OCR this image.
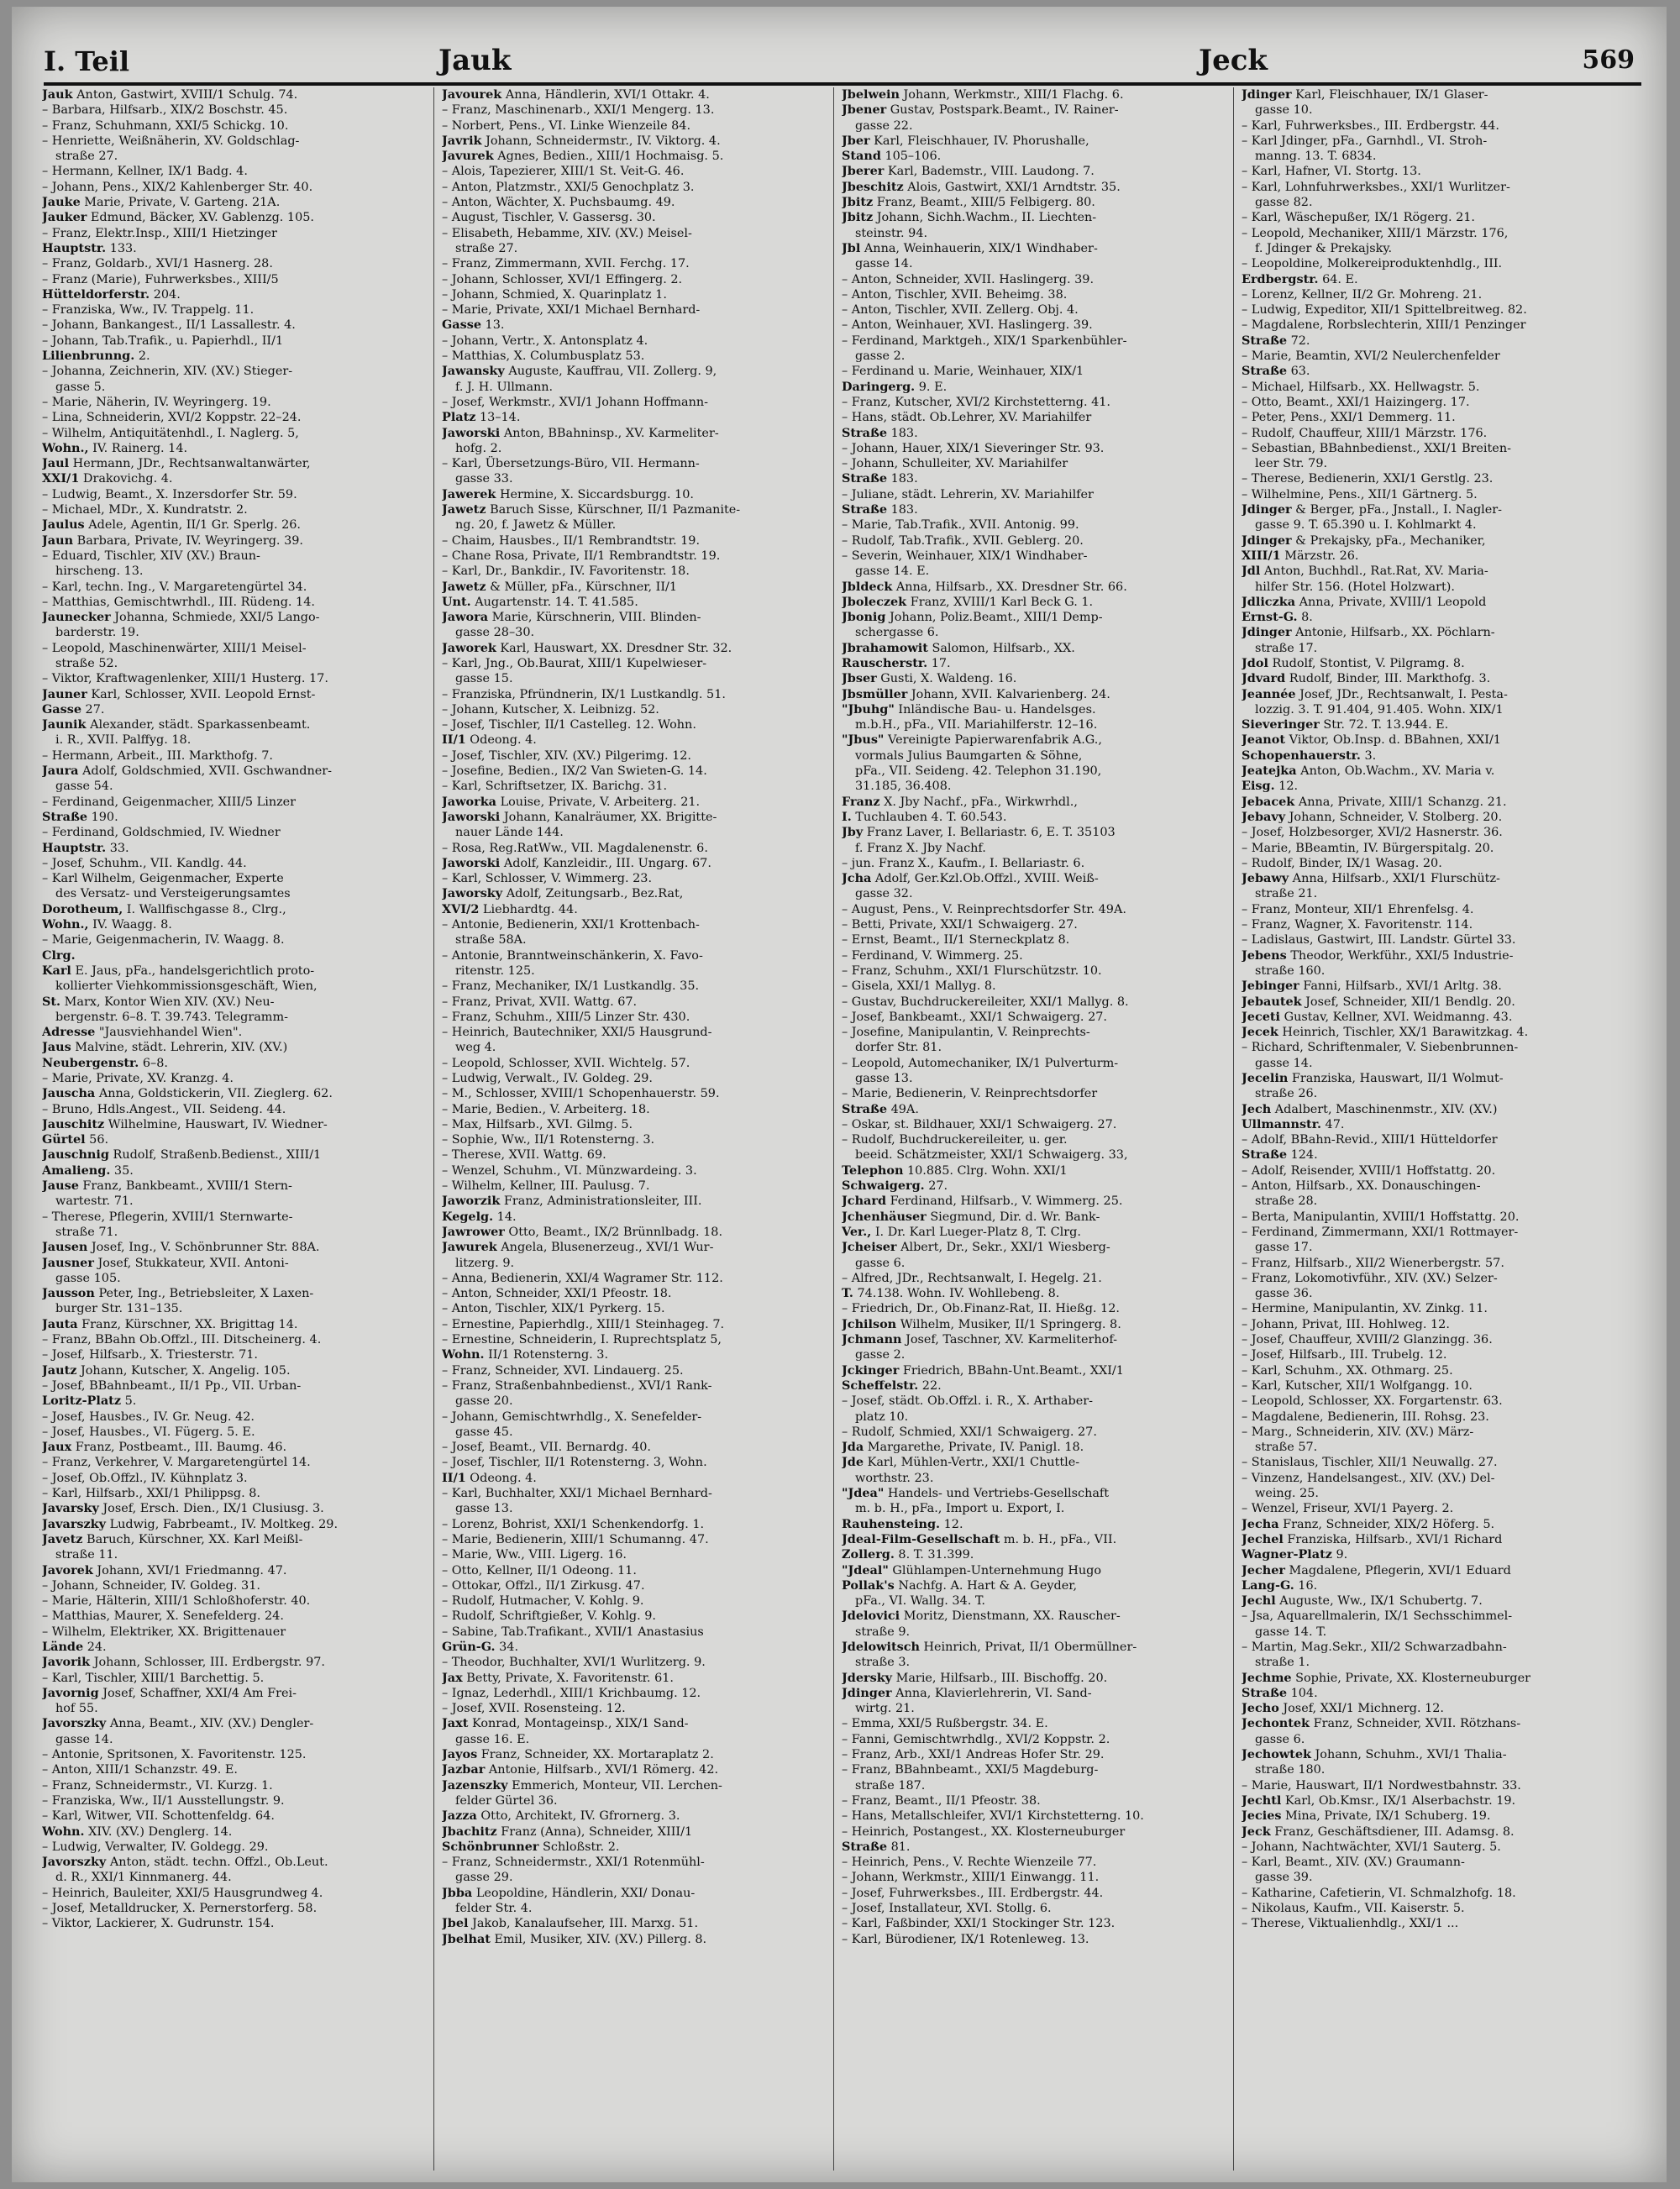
I. Teil	Jauk	Jeck	569
Jauk Anton, Gastwirt, XVIII/1 Schulg. 74.
– Barbara, Hilfsarb., XIX/2 Boschstr. 45.
– Franz, Schuhmann, XXI/5 Schickg. 10.
– Henriette, Weißnäherin, XV. Goldschlag-
straße 27.
– Hermann, Kellner, IX/1 Badg. 4.
– Johann, Pens., XIX/2 Kahlenberger Str. 40.
Jauke Marie, Private, V. Garteng. 21A.
Jauker Edmund, Bäcker, XV. Gablenzg. 105.
– Franz, Elektr.Insp., XIII/1 Hietzinger
Hauptstr. 133.
– Franz, Goldarb., XVI/1 Hasnerg. 28.
– Franz (Marie), Fuhrwerksbes., XIII/5
Hütteldorferstr. 204.
– Franziska, Ww., IV. Trappelg. 11.
– Johann, Bankangest., II/1 Lassallestr. 4.
– Johann, Tab.Trafik., u. Papierhdl., II/1
Lilienbrunng. 2.
– Johanna, Zeichnerin, XIV. (XV.) Stieger-
gasse 5.
– Marie, Näherin, IV. Weyringerg. 19.
– Lina, Schneiderin, XVI/2 Koppstr. 22–24.
– Wilhelm, Antiquitätenhdl., I. Naglerg. 5,
Wohn., IV. Rainerg. 14.
Jaul Hermann, JDr., Rechtsanwaltanwärter,
XXI/1 Drakovichg. 4.
– Ludwig, Beamt., X. Inzersdorfer Str. 59.
– Michael, MDr., X. Kundratstr. 2.
Jaulus Adele, Agentin, II/1 Gr. Sperlg. 26.
Jaun Barbara, Private, IV. Weyringerg. 39.
– Eduard, Tischler, XIV (XV.) Braun-
hirscheng. 13.
– Karl, techn. Ing., V. Margaretengürtel 34.
– Matthias, Gemischtwrhdl., III. Rüdeng. 14.
Jaunecker Johanna, Schmiede, XXI/5 Lango-
barderstr. 19.
– Leopold, Maschinenwärter, XIII/1 Meisel-
straße 52.
– Viktor, Kraftwagenlenker, XIII/1 Husterg. 17.
Jauner Karl, Schlosser, XVII. Leopold Ernst-
Gasse 27.
Jaunik Alexander, städt. Sparkassenbeamt.
i. R., XVII. Palffyg. 18.
– Hermann, Arbeit., III. Markthofg. 7.
Jaura Adolf, Goldschmied, XVII. Gschwandner-
gasse 54.
– Ferdinand, Geigenmacher, XIII/5 Linzer
Straße 190.
– Ferdinand, Goldschmied, IV. Wiedner
Hauptstr. 33.
– Josef, Schuhm., VII. Kandlg. 44.
– Karl Wilhelm, Geigenmacher, Experte
des Versatz- und Versteigerungsamtes
Dorotheum, I. Wallfischgasse 8., Clrg.,
Wohn., IV. Waagg. 8.
– Marie, Geigenmacherin, IV. Waagg. 8.
Clrg.
Karl E. Jaus, pFa., handelsgerichtlich proto-
kollierter Viehkommissionsgeschäft, Wien,
St. Marx, Kontor Wien XIV. (XV.) Neu-
bergenstr. 6–8. T. 39.743. Telegramm-
Adresse "Jausviehhandel Wien".
Jaus Malvine, städt. Lehrerin, XIV. (XV.)
Neubergenstr. 6–8.
– Marie, Private, XV. Kranzg. 4.
Jauscha Anna, Goldstickerin, VII. Zieglerg. 62.
– Bruno, Hdls.Angest., VII. Seideng. 44.
Jauschitz Wilhelmine, Hauswart, IV. Wiedner-
Gürtel 56.
Jauschnig Rudolf, Straßenb.Bedienst., XIII/1
Amalieng. 35.
Jause Franz, Bankbeamt., XVIII/1 Stern-
wartestr. 71.
– Therese, Pflegerin, XVIII/1 Sternwarte-
straße 71.
Jausen Josef, Ing., V. Schönbrunner Str. 88A.
Jausner Josef, Stukkateur, XVII. Antoni-
gasse 105.
Jausson Peter, Ing., Betriebsleiter, X Laxen-
burger Str. 131–135.
Jauta Franz, Kürschner, XX. Brigittag 14.
– Franz, BBahn Ob.Offzl., III. Ditscheinerg. 4.
– Josef, Hilfsarb., X. Triesterstr. 71.
Jautz Johann, Kutscher, X. Angelig. 105.
– Josef, BBahnbeamt., II/1 Pp., VII. Urban-
Loritz-Platz 5.
– Josef, Hausbes., IV. Gr. Neug. 42.
– Josef, Hausbes., VI. Fügerg. 5. E.
Jaux Franz, Postbeamt., III. Baumg. 46.
– Franz, Verkehrer, V. Margaretengürtel 14.
– Josef, Ob.Offzl., IV. Kühnplatz 3.
– Karl, Hilfsarb., XXI/1 Philippsg. 8.
Javarsky Josef, Ersch. Dien., IX/1 Clusiusg. 3.
Javarszky Ludwig, Fabrbeamt., IV. Moltkeg. 29.
Javetz Baruch, Kürschner, XX. Karl Meißl-
straße 11.
Javorek Johann, XVI/1 Friedmanng. 47.
– Johann, Schneider, IV. Goldeg. 31.
– Marie, Hälterin, XIII/1 Schloßhoferstr. 40.
– Matthias, Maurer, X. Senefelderg. 24.
– Wilhelm, Elektriker, XX. Brigittenauer
Lände 24.
Javorik Johann, Schlosser, III. Erdbergstr. 97.
– Karl, Tischler, XIII/1 Barchettig. 5.
Javornig Josef, Schaffner, XXI/4 Am Frei-
hof 55.
Javorszky Anna, Beamt., XIV. (XV.) Dengler-
gasse 14.
– Antonie, Spritsonen, X. Favoritenstr. 125.
– Anton, XIII/1 Schanzstr. 49. E.
– Franz, Schneidermstr., VI. Kurzg. 1.
– Franziska, Ww., II/1 Ausstellungstr. 9.
– Karl, Witwer, VII. Schottenfeldg. 64.
Wohn. XIV. (XV.) Denglerg. 14.
– Ludwig, Verwalter, IV. Goldegg. 29.
Javorszky Anton, städt. techn. Offzl., Ob.Leut.
d. R., XXI/1 Kinnmanerg. 44.
– Heinrich, Bauleiter, XXI/5 Hausgrundweg 4.
– Josef, Metalldrucker, X. Pernerstorferg. 58.
– Viktor, Lackierer, X. Gudrunstr. 154.
Javourek Anna, Händlerin, XVI/1 Ottakr. 4.
– Franz, Maschinenarb., XXI/1 Mengerg. 13.
– Norbert, Pens., VI. Linke Wienzeile 84.
Javrik Johann, Schneidermstr., IV. Viktorg. 4.
Javurek Agnes, Bedien., XIII/1 Hochmaisg. 5.
– Alois, Tapezierer, XIII/1 St. Veit-G. 46.
– Anton, Platzmstr., XXI/5 Genochplatz 3.
– Anton, Wächter, X. Puchsbaumg. 49.
– August, Tischler, V. Gassersg. 30.
– Elisabeth, Hebamme, XIV. (XV.) Meisel-
straße 27.
– Franz, Zimmermann, XVII. Ferchg. 17.
– Johann, Schlosser, XVI/1 Effingerg. 2.
– Johann, Schmied, X. Quarinplatz 1.
– Marie, Private, XXI/1 Michael Bernhard-
Gasse 13.
– Johann, Vertr., X. Antonsplatz 4.
– Matthias, X. Columbusplatz 53.
Jawansky Auguste, Kauffrau, VII. Zollerg. 9,
f. J. H. Ullmann.
– Josef, Werkmstr., XVI/1 Johann Hoffmann-
Platz 13–14.
Jaworski Anton, BBahninsp., XV. Karmeliter-
hofg. 2.
– Karl, Übersetzungs-Büro, VII. Hermann-
gasse 33.
Jawerek Hermine, X. Siccardsburgg. 10.
Jawetz Baruch Sisse, Kürschner, II/1 Pazmanite-
ng. 20, f. Jawetz & Müller.
– Chaim, Hausbes., II/1 Rembrandtstr. 19.
– Chane Rosa, Private, II/1 Rembrandtstr. 19.
– Karl, Dr., Bankdir., IV. Favoritenstr. 18.
Jawetz & Müller, pFa., Kürschner, II/1
Unt. Augartenstr. 14. T. 41.585.
Jawora Marie, Kürschnerin, VIII. Blinden-
gasse 28–30.
Jaworek Karl, Hauswart, XX. Dresdner Str. 32.
– Karl, Jng., Ob.Baurat, XIII/1 Kupelwieser-
gasse 15.
– Franziska, Pfründnerin, IX/1 Lustkandlg. 51.
– Johann, Kutscher, X. Leibnizg. 52.
– Josef, Tischler, II/1 Castelleg. 12. Wohn.
II/1 Odeong. 4.
– Josef, Tischler, XIV. (XV.) Pilgerimg. 12.
– Josefine, Bedien., IX/2 Van Swieten-G. 14.
– Karl, Schriftsetzer, IX. Barichg. 31.
Jaworka Louise, Private, V. Arbeiterg. 21.
Jaworski Johann, Kanalräumer, XX. Brigitte-
nauer Lände 144.
– Rosa, Reg.RatWw., VII. Magdalenenstr. 6.
Jaworski Adolf, Kanzleidir., III. Ungarg. 67.
– Karl, Schlosser, V. Wimmerg. 23.
Jaworsky Adolf, Zeitungsarb., Bez.Rat,
XVI/2 Liebhardtg. 44.
– Antonie, Bedienerin, XXI/1 Krottenbach-
straße 58A.
– Antonie, Branntweinschänkerin, X. Favo-
ritenstr. 125.
– Franz, Mechaniker, IX/1 Lustkandlg. 35.
– Franz, Privat, XVII. Wattg. 67.
– Franz, Schuhm., XIII/5 Linzer Str. 430.
– Heinrich, Bautechniker, XXI/5 Hausgrund-
weg 4.
– Leopold, Schlosser, XVII. Wichtelg. 57.
– Ludwig, Verwalt., IV. Goldeg. 29.
– M., Schlosser, XVIII/1 Schopenhauerstr. 59.
– Marie, Bedien., V. Arbeiterg. 18.
– Max, Hilfsarb., XVI. Gilmg. 5.
– Sophie, Ww., II/1 Rotensterng. 3.
– Therese, XVII. Wattg. 69.
– Wenzel, Schuhm., VI. Münzwardeing. 3.
– Wilhelm, Kellner, III. Paulusg. 7.
Jaworzik Franz, Administrationsleiter, III.
Kegelg. 14.
Jawrower Otto, Beamt., IX/2 Brünnlbadg. 18.
Jawurek Angela, Blusenerzeug., XVI/1 Wur-
litzerg. 9.
– Anna, Bedienerin, XXI/4 Wagramer Str. 112.
– Anton, Schneider, XXI/1 Pfeostr. 18.
– Anton, Tischler, XIX/1 Pyrkerg. 15.
– Ernestine, Papierhdlg., XIII/1 Steinhageg. 7.
– Ernestine, Schneiderin, I. Ruprechtsplatz 5,
Wohn. II/1 Rotensterng. 3.
– Franz, Schneider, XVI. Lindauerg. 25.
– Franz, Straßenbahnbedienst., XVI/1 Rank-
gasse 20.
– Johann, Gemischtwrhdlg., X. Senefelder-
gasse 45.
– Josef, Beamt., VII. Bernardg. 40.
– Josef, Tischler, II/1 Rotensterng. 3, Wohn.
II/1 Odeong. 4.
– Karl, Buchhalter, XXI/1 Michael Bernhard-
gasse 13.
– Lorenz, Bohrist, XXI/1 Schenkendorfg. 1.
– Marie, Bedienerin, XIII/1 Schumanng. 47.
– Marie, Ww., VIII. Ligerg. 16.
– Otto, Kellner, II/1 Odeong. 11.
– Ottokar, Offzl., II/1 Zirkusg. 47.
– Rudolf, Hutmacher, V. Kohlg. 9.
– Rudolf, Schriftgießer, V. Kohlg. 9.
– Sabine, Tab.Trafikant., XVII/1 Anastasius
Grün-G. 34.
– Theodor, Buchhalter, XVI/1 Wurlitzerg. 9.
Jax Betty, Private, X. Favoritenstr. 61.
– Ignaz, Lederhdl., XIII/1 Krichbaumg. 12.
– Josef, XVII. Rosensteing. 12.
Jaxt Konrad, Montageinsp., XIX/1 Sand-
gasse 16. E.
Jayos Franz, Schneider, XX. Mortaraplatz 2.
Jazbar Antonie, Hilfsarb., XVI/1 Römerg. 42.
Jazenszky Emmerich, Monteur, VII. Lerchen-
felder Gürtel 36.
Jazza Otto, Architekt, IV. Gfrornerg. 3.
Jbachitz Franz (Anna), Schneider, XIII/1
Schönbrunner Schloßstr. 2.
– Franz, Schneidermstr., XXI/1 Rotenmühl-
gasse 29.
Jbba Leopoldine, Händlerin, XXI/ Donau-
felder Str. 4.
Jbel Jakob, Kanalaufseher, III. Marxg. 51.
Jbelhat Emil, Musiker, XIV. (XV.) Pillerg. 8.
Jbelwein Johann, Werkmstr., XIII/1 Flachg. 6.
Jbener Gustav, Postspark.Beamt., IV. Rainer-
gasse 22.
Jber Karl, Fleischhauer, IV. Phorushalle,
Stand 105–106.
Jberer Karl, Bademstr., VIII. Laudong. 7.
Jbeschitz Alois, Gastwirt, XXI/1 Arndtstr. 35.
Jbitz Franz, Beamt., XIII/5 Felbigerg. 80.
Jbitz Johann, Sichh.Wachm., II. Liechten-
steinstr. 94.
Jbl Anna, Weinhauerin, XIX/1 Windhaber-
gasse 14.
– Anton, Schneider, XVII. Haslingerg. 39.
– Anton, Tischler, XVII. Beheimg. 38.
– Anton, Tischler, XVII. Zellerg. Obj. 4.
– Anton, Weinhauer, XVI. Haslingerg. 39.
– Ferdinand, Marktgeh., XIX/1 Sparkenbühler-
gasse 2.
– Ferdinand u. Marie, Weinhauer, XIX/1
Daringerg. 9. E.
– Franz, Kutscher, XVI/2 Kirchstetterng. 41.
– Hans, städt. Ob.Lehrer, XV. Mariahilfer
Straße 183.
– Johann, Hauer, XIX/1 Sieveringer Str. 93.
– Johann, Schulleiter, XV. Mariahilfer
Straße 183.
– Juliane, städt. Lehrerin, XV. Mariahilfer
Straße 183.
– Marie, Tab.Trafik., XVII. Antonig. 99.
– Rudolf, Tab.Trafik., XVII. Geblerg. 20.
– Severin, Weinhauer, XIX/1 Windhaber-
gasse 14. E.
Jbldeck Anna, Hilfsarb., XX. Dresdner Str. 66.
Jboleczek Franz, XVIII/1 Karl Beck G. 1.
Jbonig Johann, Poliz.Beamt., XIII/1 Demp-
schergasse 6.
Jbrahamowit Salomon, Hilfsarb., XX.
Rauscherstr. 17.
Jbser Gusti, X. Waldeng. 16.
Jbsmüller Johann, XVII. Kalvarienberg. 24.
"Jbuhg" Inländische Bau- u. Handelsges.
m.b.H., pFa., VII. Mariahilferstr. 12–16.
"Jbus" Vereinigte Papierwarenfabrik A.G.,
vormals Julius Baumgarten & Söhne,
pFa., VII. Seideng. 42. Telephon 31.190,
31.185, 36.408.
Franz X. Jby Nachf., pFa., Wirkwrhdl.,
I. Tuchlauben 4. T. 60.543.
Jby Franz Laver, I. Bellariastr. 6, E. T. 35103
f. Franz X. Jby Nachf.
– jun. Franz X., Kaufm., I. Bellariastr. 6.
Jcha Adolf, Ger.Kzl.Ob.Offzl., XVIII. Weiß-
gasse 32.
– August, Pens., V. Reinprechtsdorfer Str. 49A.
– Betti, Private, XXI/1 Schwaigerg. 27.
– Ernst, Beamt., II/1 Sterneckplatz 8.
– Ferdinand, V. Wimmerg. 25.
– Franz, Schuhm., XXI/1 Flurschützstr. 10.
– Gisela, XXI/1 Mallyg. 8.
– Gustav, Buchdruckereileiter, XXI/1 Mallyg. 8.
– Josef, Bankbeamt., XXI/1 Schwaigerg. 27.
– Josefine, Manipulantin, V. Reinprechts-
dorfer Str. 81.
– Leopold, Automechaniker, IX/1 Pulverturm-
gasse 13.
– Marie, Bedienerin, V. Reinprechtsdorfer
Straße 49A.
– Oskar, st. Bildhauer, XXI/1 Schwaigerg. 27.
– Rudolf, Buchdruckereileiter, u. ger.
beeid. Schätzmeister, XXI/1 Schwaigerg. 33,
Telephon 10.885. Clrg. Wohn. XXI/1
Schwaigerg. 27.
Jchard Ferdinand, Hilfsarb., V. Wimmerg. 25.
Jchenhäuser Siegmund, Dir. d. Wr. Bank-
Ver., I. Dr. Karl Lueger-Platz 8, T. Clrg.
Jcheiser Albert, Dr., Sekr., XXI/1 Wiesberg-
gasse 6.
– Alfred, JDr., Rechtsanwalt, I. Hegelg. 21.
T. 74.138. Wohn. IV. Wohllebeng. 8.
– Friedrich, Dr., Ob.Finanz-Rat, II. Hießg. 12.
Jchilson Wilhelm, Musiker, II/1 Springerg. 8.
Jchmann Josef, Taschner, XV. Karmeliterhof-
gasse 2.
Jckinger Friedrich, BBahn-Unt.Beamt., XXI/1
Scheffelstr. 22.
– Josef, städt. Ob.Offzl. i. R., X. Arthaber-
platz 10.
– Rudolf, Schmied, XXI/1 Schwaigerg. 27.
Jda Margarethe, Private, IV. Panigl. 18.
Jde Karl, Mühlen-Vertr., XXI/1 Chuttle-
worthstr. 23.
"Jdea" Handels- und Vertriebs-Gesellschaft
m. b. H., pFa., Import u. Export, I.
Rauhensteing. 12.
Jdeal-Film-Gesellschaft m. b. H., pFa., VII.
Zollerg. 8. T. 31.399.
"Jdeal" Glühlampen-Unternehmung Hugo
Pollak's Nachfg. A. Hart & A. Geyder,
pFa., VI. Wallg. 34. T.
Jdelovici Moritz, Dienstmann, XX. Rauscher-
straße 9.
Jdelowitsch Heinrich, Privat, II/1 Obermüllner-
straße 3.
Jdersky Marie, Hilfsarb., III. Bischoffg. 20.
Jdinger Anna, Klavierlehrerin, VI. Sand-
wirtg. 21.
– Emma, XXI/5 Rußbergstr. 34. E.
– Fanni, Gemischtwrhdlg., XVI/2 Koppstr. 2.
– Franz, Arb., XXI/1 Andreas Hofer Str. 29.
– Franz, BBahnbeamt., XXI/5 Magdeburg-
straße 187.
– Franz, Beamt., II/1 Pfeostr. 38.
– Hans, Metallschleifer, XVI/1 Kirchstetterng. 10.
– Heinrich, Postangest., XX. Klosterneuburger
Straße 81.
– Heinrich, Pens., V. Rechte Wienzeile 77.
– Johann, Werkmstr., XIII/1 Einwangg. 11.
– Josef, Fuhrwerksbes., III. Erdbergstr. 44.
– Josef, Installateur, XVI. Stollg. 6.
– Karl, Faßbinder, XXI/1 Stockinger Str. 123.
– Karl, Bürodiener, IX/1 Rotenleweg. 13.
Jdinger Karl, Fleischhauer, IX/1 Glaser-
gasse 10.
– Karl, Fuhrwerksbes., III. Erdbergstr. 44.
– Karl Jdinger, pFa., Garnhdl., VI. Stroh-
manng. 13. T. 6834.
– Karl, Hafner, VI. Stortg. 13.
– Karl, Lohnfuhrwerksbes., XXI/1 Wurlitzer-
gasse 82.
– Karl, Wäschepußer, IX/1 Rögerg. 21.
– Leopold, Mechaniker, XIII/1 Märzstr. 176,
f. Jdinger & Prekajsky.
– Leopoldine, Molkereiproduktenhdlg., III.
Erdbergstr. 64. E.
– Lorenz, Kellner, II/2 Gr. Mohreng. 21.
– Ludwig, Expeditor, XII/1 Spittelbreitweg. 82.
– Magdalene, Rorbslechterin, XIII/1 Penzinger
Straße 72.
– Marie, Beamtin, XVI/2 Neulerchenfelder
Straße 63.
– Michael, Hilfsarb., XX. Hellwagstr. 5.
– Otto, Beamt., XXI/1 Haizingerg. 17.
– Peter, Pens., XXI/1 Demmerg. 11.
– Rudolf, Chauffeur, XIII/1 Märzstr. 176.
– Sebastian, BBahnbedienst., XXI/1 Breiten-
leer Str. 79.
– Therese, Bedienerin, XXI/1 Gerstlg. 23.
– Wilhelmine, Pens., XII/1 Gärtnerg. 5.
Jdinger & Berger, pFa., Jnstall., I. Nagler-
gasse 9. T. 65.390 u. I. Kohlmarkt 4.
Jdinger & Prekajsky, pFa., Mechaniker,
XIII/1 Märzstr. 26.
Jdl Anton, Buchhdl., Rat.Rat, XV. Maria-
hilfer Str. 156. (Hotel Holzwart).
Jdliczka Anna, Private, XVIII/1 Leopold
Ernst-G. 8.
Jdinger Antonie, Hilfsarb., XX. Pöchlarn-
straße 17.
Jdol Rudolf, Stontist, V. Pilgramg. 8.
Jdvard Rudolf, Binder, III. Markthofg. 3.
Jeannée Josef, JDr., Rechtsanwalt, I. Pesta-
lozzig. 3. T. 91.404, 91.405. Wohn. XIX/1
Sieveringer Str. 72. T. 13.944. E.
Jeanot Viktor, Ob.Insp. d. BBahnen, XXI/1
Schopenhauerstr. 3.
Jeatejka Anton, Ob.Wachm., XV. Maria v.
Eisg. 12.
Jebacek Anna, Private, XIII/1 Schanzg. 21.
Jebavy Johann, Schneider, V. Stolberg. 20.
– Josef, Holzbesorger, XVI/2 Hasnerstr. 36.
– Marie, BBeamtin, IV. Bürgerspitalg. 20.
– Rudolf, Binder, IX/1 Wasag. 20.
Jebawy Anna, Hilfsarb., XXI/1 Flurschütz-
straße 21.
– Franz, Monteur, XII/1 Ehrenfelsg. 4.
– Franz, Wagner, X. Favoritenstr. 114.
– Ladislaus, Gastwirt, III. Landstr. Gürtel 33.
Jebens Theodor, Werkführ., XXI/5 Industrie-
straße 160.
Jebinger Fanni, Hilfsarb., XVI/1 Arltg. 38.
Jebautek Josef, Schneider, XII/1 Bendlg. 20.
Jeceti Gustav, Kellner, XVI. Weidmanng. 43.
Jecek Heinrich, Tischler, XX/1 Barawitzkag. 4.
– Richard, Schriftenmaler, V. Siebenbrunnen-
gasse 14.
Jecelin Franziska, Hauswart, II/1 Wolmut-
straße 26.
Jech Adalbert, Maschinenmstr., XIV. (XV.)
Ullmannstr. 47.
– Adolf, BBahn-Revid., XIII/1 Hütteldorfer
Straße 124.
– Adolf, Reisender, XVIII/1 Hoffstattg. 20.
– Anton, Hilfsarb., XX. Donauschingen-
straße 28.
– Berta, Manipulantin, XVIII/1 Hoffstattg. 20.
– Ferdinand, Zimmermann, XXI/1 Rottmayer-
gasse 17.
– Franz, Hilfsarb., XII/2 Wienerbergstr. 57.
– Franz, Lokomotivführ., XIV. (XV.) Selzer-
gasse 36.
– Hermine, Manipulantin, XV. Zinkg. 11.
– Johann, Privat, III. Hohlweg. 12.
– Josef, Chauffeur, XVIII/2 Glanzingg. 36.
– Josef, Hilfsarb., III. Trubelg. 12.
– Karl, Schuhm., XX. Othmarg. 25.
– Karl, Kutscher, XII/1 Wolfgangg. 10.
– Leopold, Schlosser, XX. Forgartenstr. 63.
– Magdalene, Bedienerin, III. Rohsg. 23.
– Marg., Schneiderin, XIV. (XV.) März-
straße 57.
– Stanislaus, Tischler, XII/1 Neuwallg. 27.
– Vinzenz, Handelsangest., XIV. (XV.) Del-
weing. 25.
– Wenzel, Friseur, XVI/1 Payerg. 2.
Jecha Franz, Schneider, XIX/2 Höferg. 5.
Jechel Franziska, Hilfsarb., XVI/1 Richard
Wagner-Platz 9.
Jecher Magdalene, Pflegerin, XVI/1 Eduard
Lang-G. 16.
Jechl Auguste, Ww., IX/1 Schubertg. 7.
– Jsa, Aquarellmalerin, IX/1 Sechsschimmel-
gasse 14. T.
– Martin, Mag.Sekr., XII/2 Schwarzadbahn-
straße 1.
Jechme Sophie, Private, XX. Klosterneuburger
Straße 104.
Jecho Josef, XXI/1 Michnerg. 12.
Jechontek Franz, Schneider, XVII. Rötzhans-
gasse 6.
Jechowtek Johann, Schuhm., XVI/1 Thalia-
straße 180.
– Marie, Hauswart, II/1 Nordwestbahnstr. 33.
Jechtl Karl, Ob.Kmsr., IX/1 Alserbachstr. 19.
Jecies Mina, Private, IX/1 Schuberg. 19.
Jeck Franz, Geschäftsdiener, III. Adamsg. 8.
– Johann, Nachtwächter, XVI/1 Sauterg. 5.
– Karl, Beamt., XIV. (XV.) Graumann-
gasse 39.
– Katharine, Cafetierin, VI. Schmalzhofg. 18.
– Nikolaus, Kaufm., VII. Kaiserstr. 5.
– Therese, Viktualienhdlg., XXI/1 ...
